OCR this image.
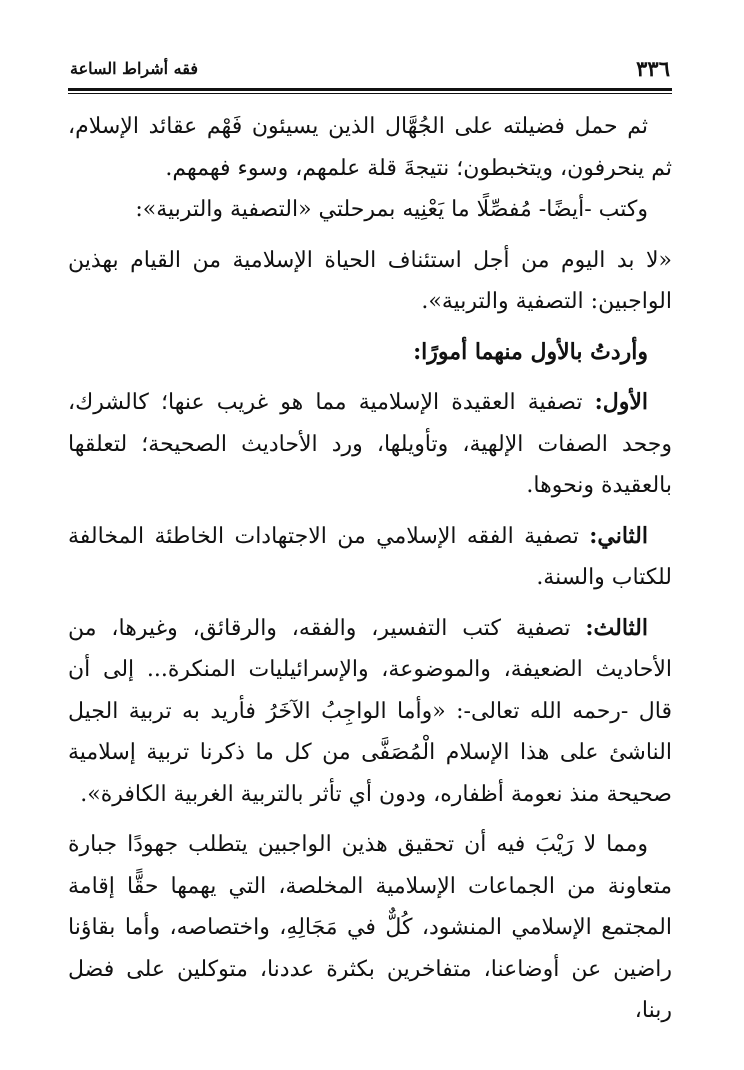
٣٣٦
فقه أشراط الساعة

ثم حمل فضيلته على الجُهَّال الذين يسيئون فَهْم عقائد الإسلام، ثم ينحرفون، ويتخبطون؛ نتيجةَ قلة علمهم، وسوء فهمهم.

وكتب -أيضًا- مُفصِّلًا ما يَعْنِيه بمرحلتي «التصفية والتربية»:

«لا بد اليوم من أجل استئناف الحياة الإسلامية من القيام بهذين الواجبين: التصفية والتربية».

وأردتُ بالأول منهما أمورًا:

الأول: تصفية العقيدة الإسلامية مما هو غريب عنها؛ كالشرك، وجحد الصفات الإلهية، وتأويلها، ورد الأحاديث الصحيحة؛ لتعلقها بالعقيدة ونحوها.

الثاني: تصفية الفقه الإسلامي من الاجتهادات الخاطئة المخالفة للكتاب والسنة.

الثالث: تصفية كتب التفسير، والفقه، والرقائق، وغيرها، من الأحاديث الضعيفة، والموضوعة، والإسرائيليات المنكرة... إلى أن قال -رحمه الله تعالى-: «وأما الواجِبُ الآخَرُ فأريد به تربية الجيل الناشئ على هذا الإسلام الْمُصَفَّى من كل ما ذكرنا تربية إسلامية صحيحة منذ نعومة أظفاره، ودون أي تأثر بالتربية الغربية الكافرة».

ومما لا رَيْبَ فيه أن تحقيق هذين الواجبين يتطلب جهودًا جبارة متعاونة من الجماعات الإسلامية المخلصة، التي يهمها حقًّا إقامة المجتمع الإسلامي المنشود، كُلٌّ في مَجَالِهِ، واختصاصه، وأما بقاؤنا راضين عن أوضاعنا، متفاخرين بكثرة عددنا، متوكلين على فضل ربنا،
